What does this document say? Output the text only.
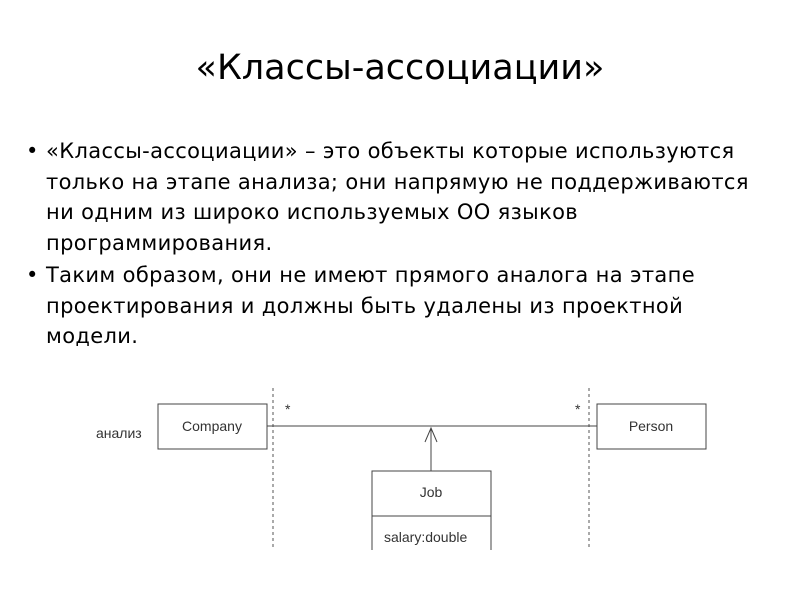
«Классы-ассоциации»
• «Классы-ассоциации» – это объекты которые используются только на этапе анализа; они напрямую не поддерживаются ни одним из широко используемых ОО языков программирования.
• Таким образом, они не имеют прямого аналога на этапе проектирования и должны быть удалены из проектной модели.
анализ	Company	Person
*	*
Job
salary:double
